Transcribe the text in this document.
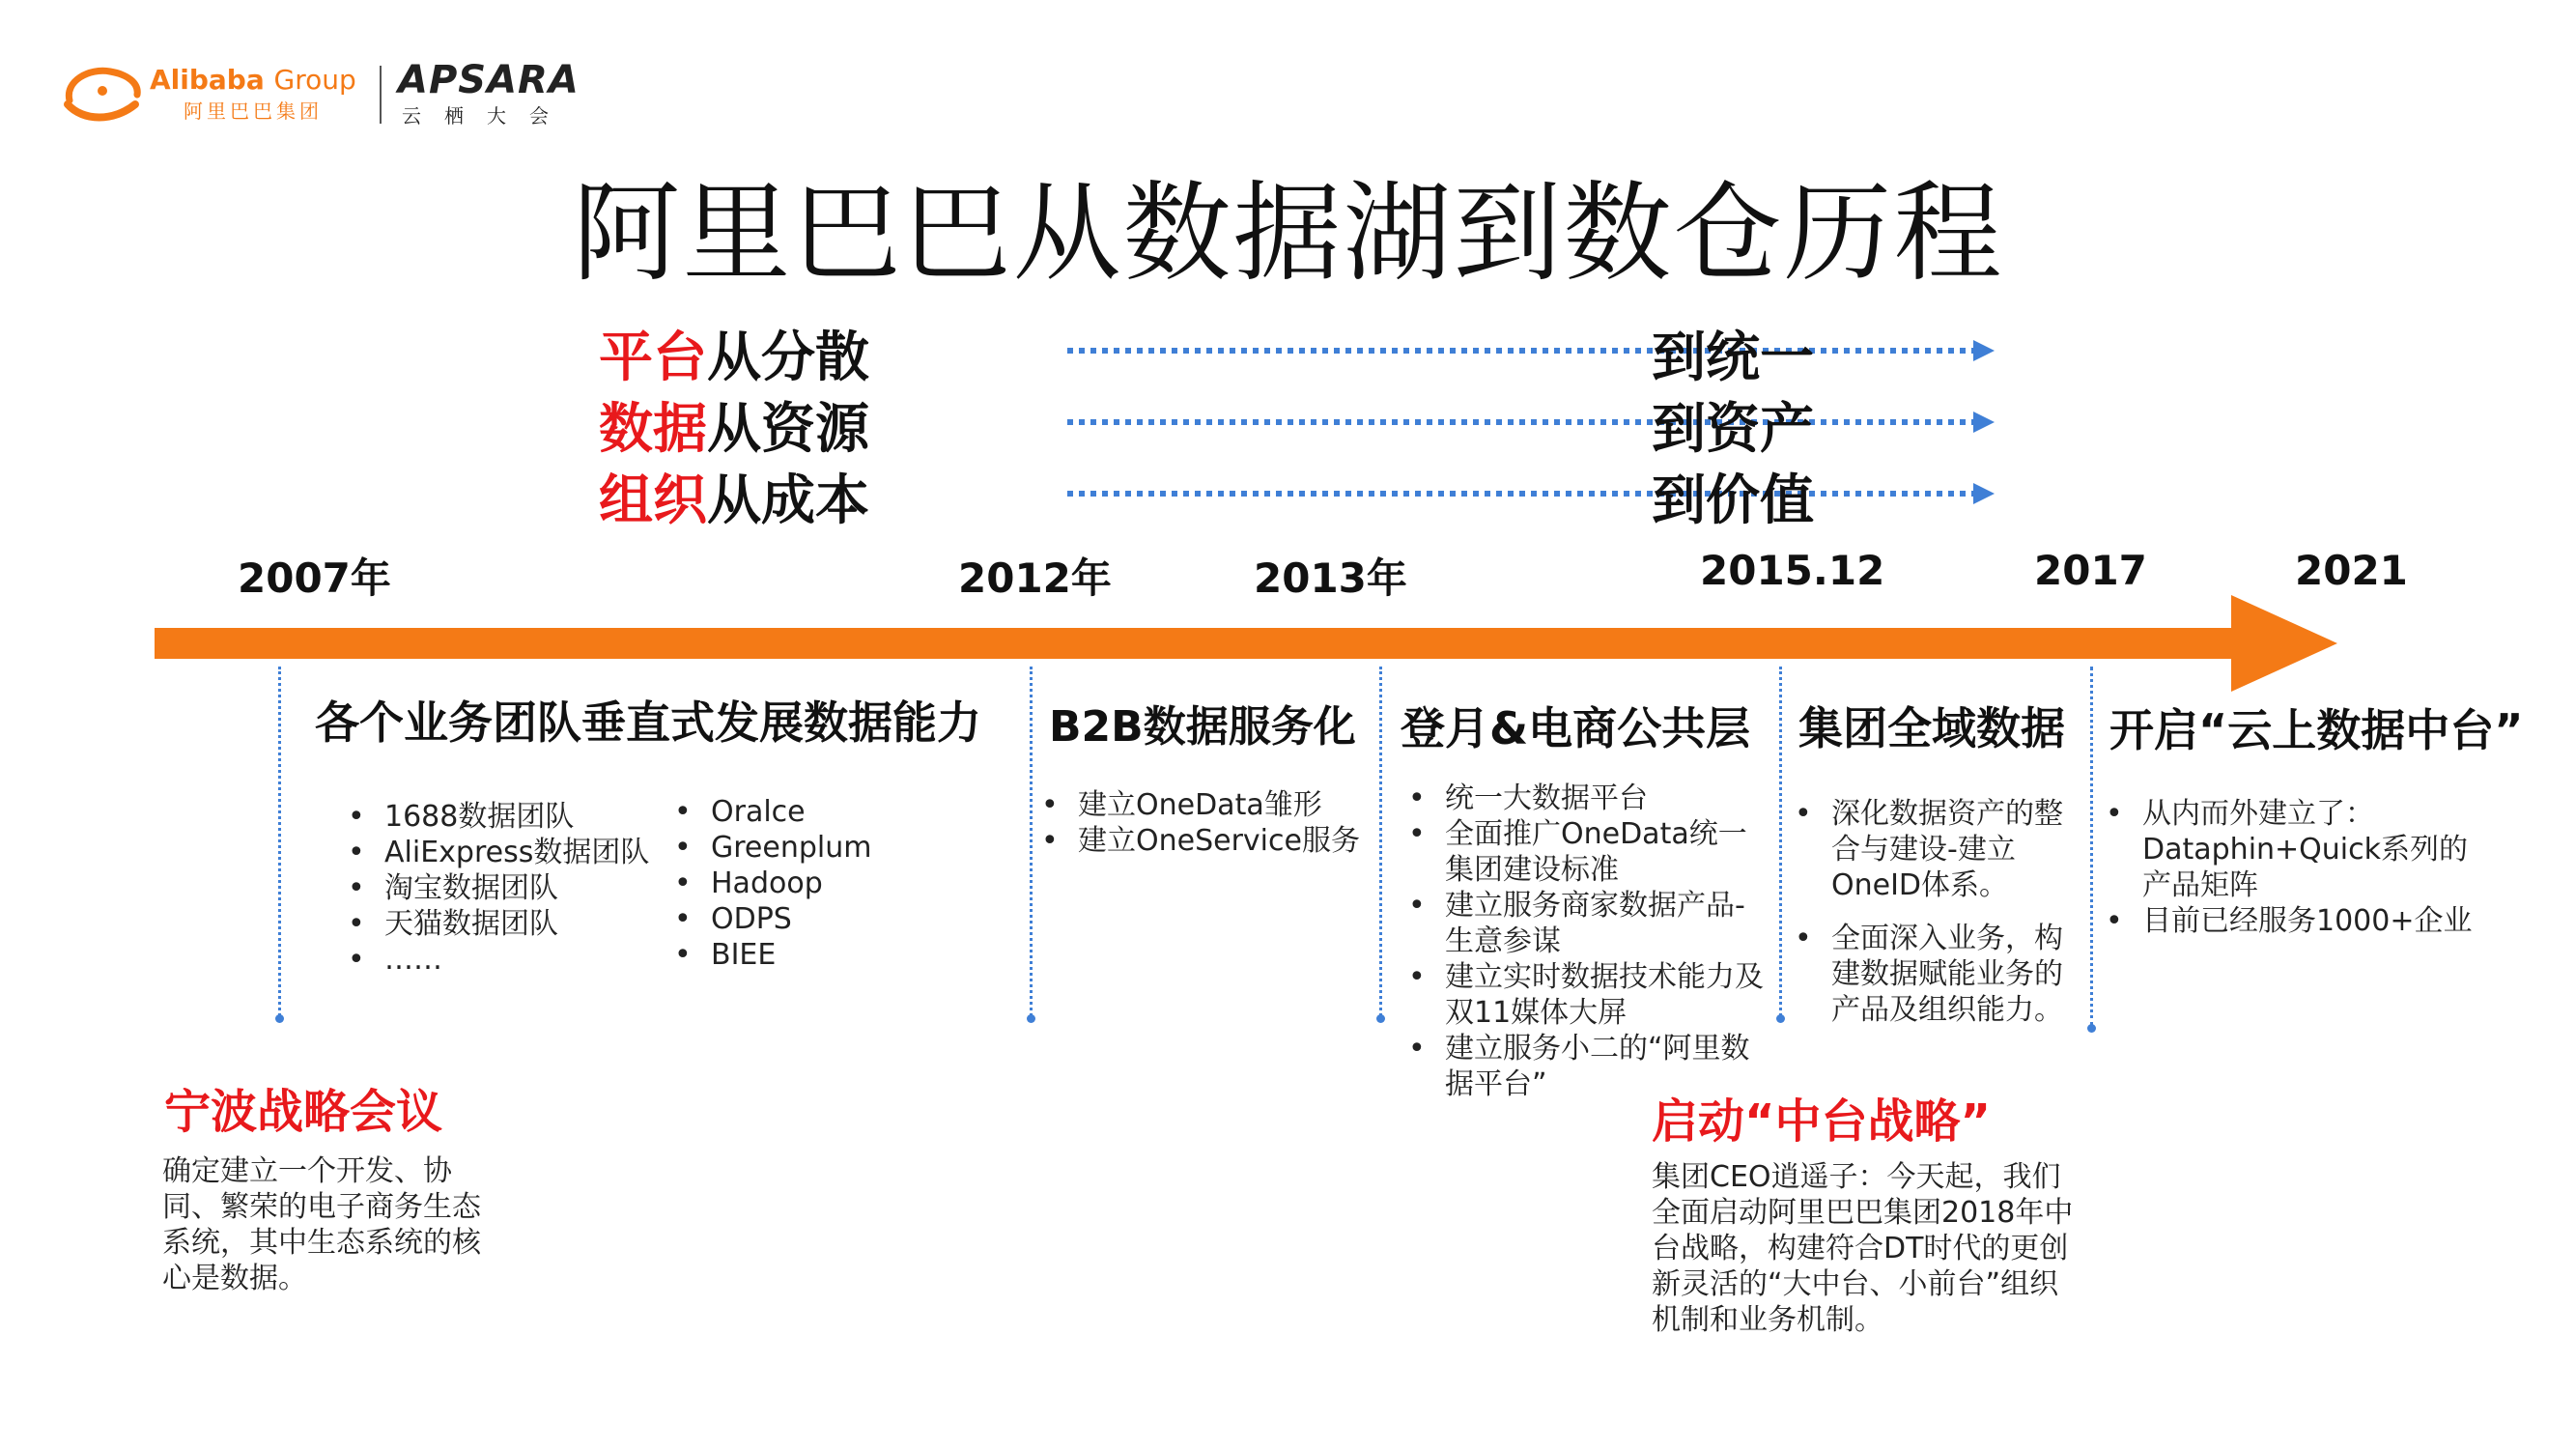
Alibaba Group
阿里巴巴集团
APSARA
云栖大会
阿里巴巴从数据湖到数仓历程
平台从分散	到统一
数据从资源	到资产
组织从成本	到价值
2007年	2012年	2013年	2015.12	2017	2021
各个业务团队垂直式发展数据能力
• 1688数据团队
• AliExpress数据团队
• 淘宝数据团队
• 天猫数据团队
• ……
• Oralce
• Greenplum
• Hadoop
• ODPS
• BIEE
B2B数据服务化
• 建立OneData雏形
• 建立OneService服务
登月&电商公共层
• 统一大数据平台
• 全面推广OneData统一集团建设标准
• 建立服务商家数据产品-生意参谋
• 建立实时数据技术能力及双11媒体大屏
• 建立服务小二的“阿里数据平台”
集团全域数据
• 深化数据资产的整合与建设-建立OneID体系。
• 全面深入业务，构建数据赋能业务的产品及组织能力。
开启“云上数据中台”
• 从内而外建立了：Dataphin+Quick系列的产品矩阵
• 目前已经服务1000+企业
宁波战略会议
确定建立一个开发、协同、繁荣的电子商务生态系统，其中生态系统的核心是数据。
启动“中台战略”
集团CEO逍遥子：今天起，我们全面启动阿里巴巴集团2018年中台战略，构建符合DT时代的更创新灵活的“大中台、小前台”组织机制和业务机制。
